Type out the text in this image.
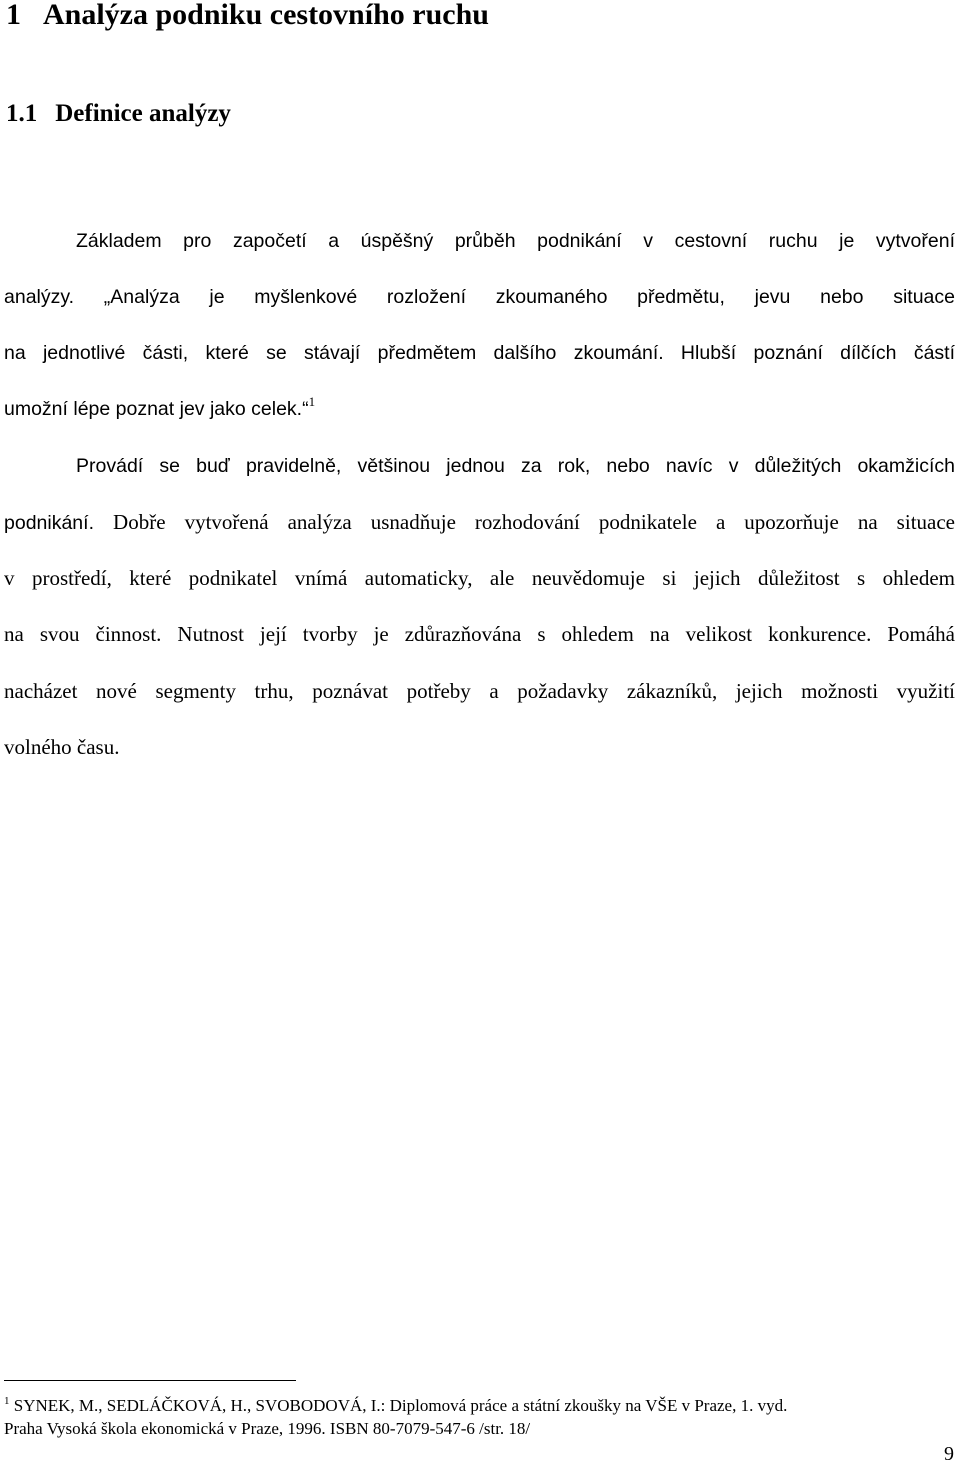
1 Analýza podniku cestovního ruchu
1.1 Definice analýzy
Základem pro započetí a úspěšný průběh podnikání v cestovní ruchu je vytvoření
analýzy. „Analýza je myšlenkové rozložení zkoumaného předmětu, jevu nebo situace
na jednotlivé části, které se stávají předmětem dalšího zkoumání. Hlubší poznání dílčích částí
umožní lépe poznat jev jako celek.“$^1$
Provádí se buď pravidelně, většinou jednou za rok, nebo navíc v důležitých okamžicích
podnikání. Dobře vytvořená analýza usnadňuje rozhodování podnikatele a upozorňuje na situace
v prostředí, které podnikatel vnímá automaticky, ale neuvědomuje si jejich důležitost s ohledem
na svou činnost. Nutnost její tvorby je zdůrazňována s ohledem na velikost konkurence. Pomáhá
nacházet nové segmenty trhu, poznávat potřeby a požadavky zákazníků, jejich možnosti využití
volného času.
$^1$ SYNEK, M., SEDLÁČKOVÁ, H., SVOBODOVÁ, I.: Diplomová práce a státní zkoušky na VŠE v Praze, 1. vyd.
Praha Vysoká škola ekonomická v Praze, 1996. ISBN 80-7079-547-6 /str. 18/
9
